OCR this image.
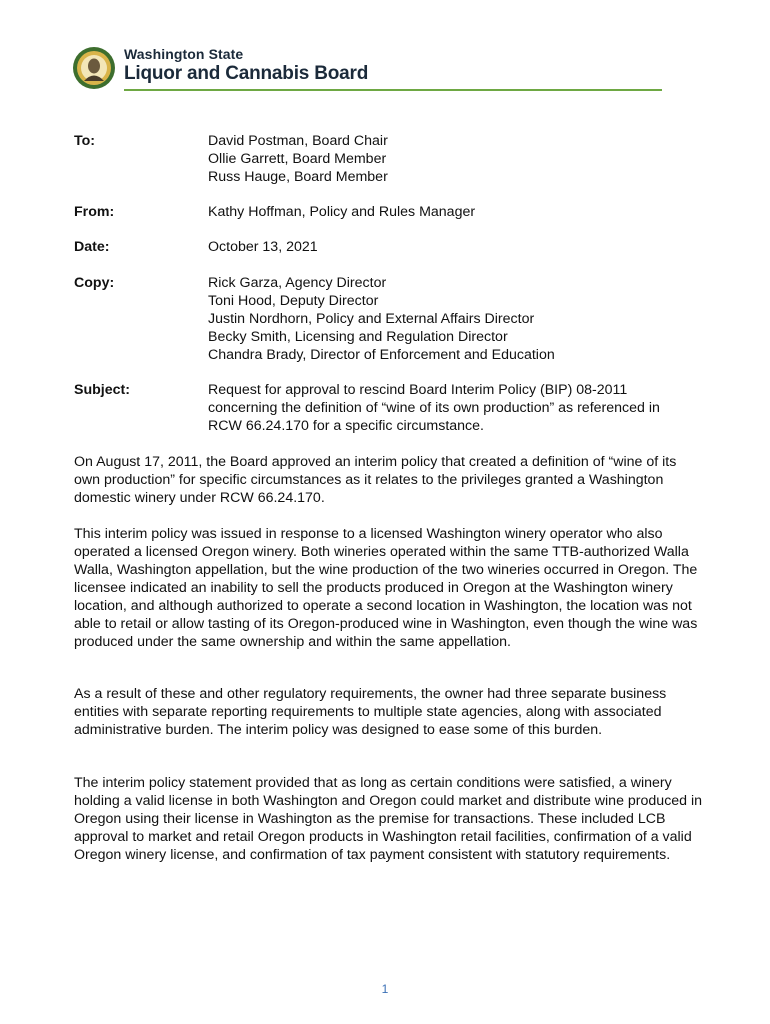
Washington State
Liquor and Cannabis Board
To:	David Postman, Board Chair
Ollie Garrett, Board Member
Russ Hauge, Board Member
From:	Kathy Hoffman, Policy and Rules Manager
Date:	October 13, 2021
Copy:	Rick Garza, Agency Director
Toni Hood, Deputy Director
Justin Nordhorn, Policy and External Affairs Director
Becky Smith, Licensing and Regulation Director
Chandra Brady, Director of Enforcement and Education
Subject:	Request for approval to rescind Board Interim Policy (BIP) 08-2011
concerning the definition of “wine of its own production” as referenced in
RCW 66.24.170 for a specific circumstance.

On August 17, 2011, the Board approved an interim policy that created a definition of “wine of its own production” for specific circumstances as it relates to the privileges granted a Washington domestic winery under RCW 66.24.170.

This interim policy was issued in response to a licensed Washington winery operator who also operated a licensed Oregon winery. Both wineries operated within the same TTB-authorized Walla Walla, Washington appellation, but the wine production of the two wineries occurred in Oregon. The licensee indicated an inability to sell the products produced in Oregon at the Washington winery location, and although authorized to operate a second location in Washington, the location was not able to retail or allow tasting of its Oregon-produced wine in Washington, even though the wine was produced under the same ownership and within the same appellation.

As a result of these and other regulatory requirements, the owner had three separate business entities with separate reporting requirements to multiple state agencies, along with associated administrative burden. The interim policy was designed to ease some of this burden.

The interim policy statement provided that as long as certain conditions were satisfied, a winery holding a valid license in both Washington and Oregon could market and distribute wine produced in Oregon using their license in Washington as the premise for transactions. These included LCB approval to market and retail Oregon products in Washington retail facilities, confirmation of a valid Oregon winery license, and confirmation of tax payment consistent with statutory requirements.

1
